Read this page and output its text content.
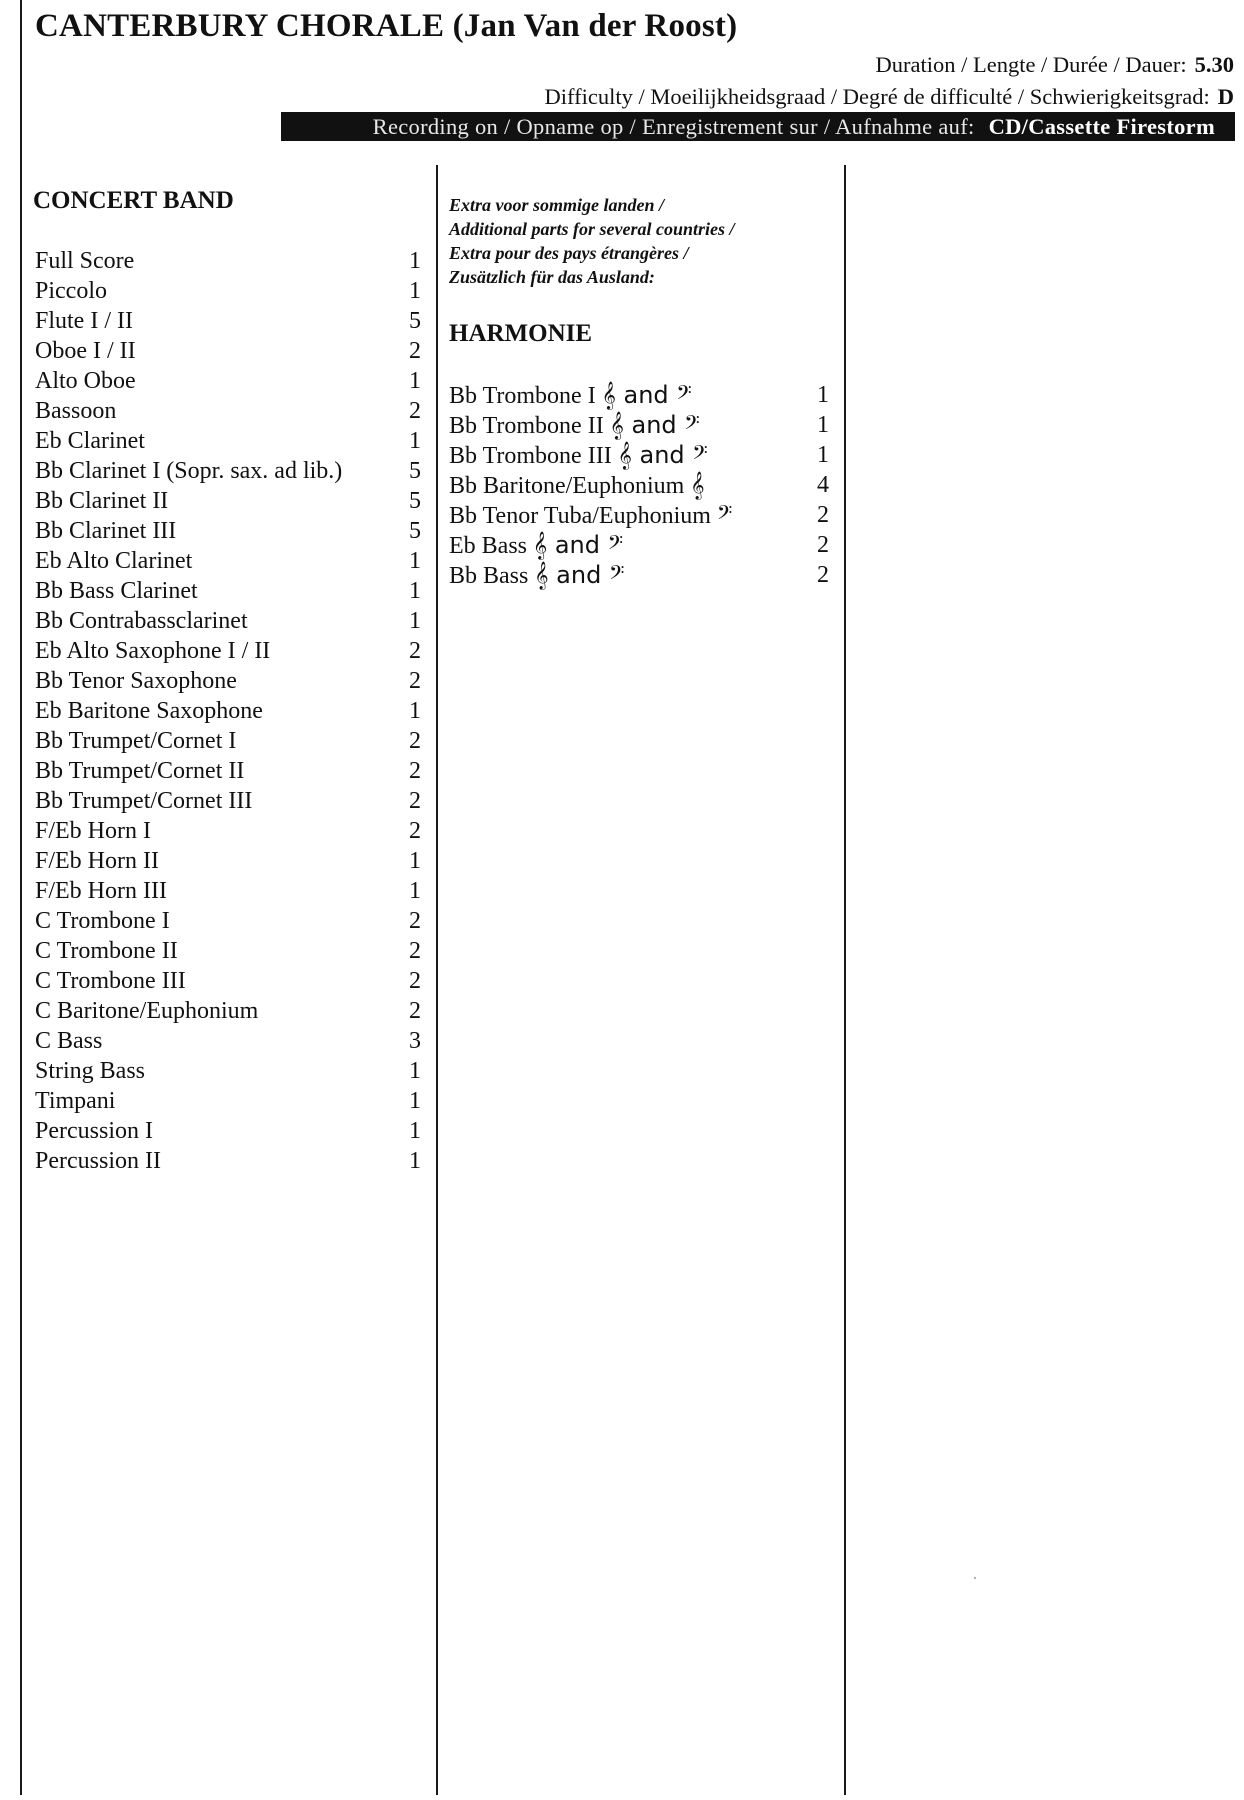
CANTERBURY CHORALE (Jan Van der Roost)
Duration / Lengte / Durée / Dauer: 5.30
Difficulty / Moeilijkheidsgraad / Degré de difficulté / Schwierigkeitsgrad: D
Recording on / Opname op / Enregistrement sur / Aufnahme auf: CD/Cassette Firestorm
CONCERT BAND
Full Score	1
Piccolo	1
Flute I / II	5
Oboe I / II	2
Alto Oboe	1
Bassoon	2
Eb Clarinet	1
Bb Clarinet I (Sopr. sax. ad lib.)	5
Bb Clarinet II	5
Bb Clarinet III	5
Eb Alto Clarinet	1
Bb Bass Clarinet	1
Bb Contrabassclarinet	1
Eb Alto Saxophone I / II	2
Bb Tenor Saxophone	2
Eb Baritone Saxophone	1
Bb Trumpet/Cornet I	2
Bb Trumpet/Cornet II	2
Bb Trumpet/Cornet III	2
F/Eb Horn I	2
F/Eb Horn II	1
F/Eb Horn III	1
C Trombone I	2
C Trombone II	2
C Trombone III	2
C Baritone/Euphonium	2
C Bass	3
String Bass	1
Timpani	1
Percussion I	1
Percussion II	1
Extra voor sommige landen /
Additional parts for several countries /
Extra pour des pays étrangères /
Zusätzlich für das Ausland:
HARMONIE
Bb Trombone I 𝄞 and 𝄢	1
Bb Trombone II 𝄞 and 𝄢	1
Bb Trombone III 𝄞 and 𝄢	1
Bb Baritone/Euphonium 𝄞	4
Bb Tenor Tuba/Euphonium 𝄢	2
Eb Bass 𝄞 and 𝄢	2
Bb Bass 𝄞 and 𝄢	2
